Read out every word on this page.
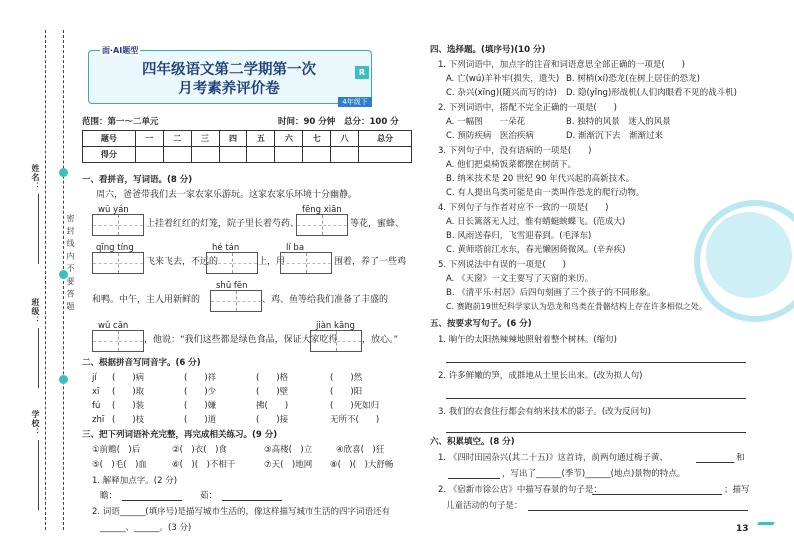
密 封 线 内 不 要 答 题
姓名：
班级：
学校：
面·AI题型
四年级语文第二学期第一次
月考素养评价卷
R
4年级下
范围：第一～二单元	时间：90 分钟 总分：100 分
题号	一	二	三	四	五	六	七	八	总分
得分									
一、看拼音，写词语。(8 分)
周六，爸爸带我们去一家农家乐游玩。这家农家乐环境十分幽静。
wū yán
上挂着红红的灯笼，院子里长着芍药、
fēng xiān
等花，蜜蜂、
qīng tíng
飞来飞去，不远的
hé tán
上，用
lí ba
围着，养了一些鸡
和鸭。中午，主人用新鲜的
shū fēn
、鸡、鱼等给我们准备了丰盛的
wǔ cān
，他说：“我们这些都是绿色食品，保证大家吃得
jiàn kāng
，放心。”
二、根据拼音写同音字。(6 分)
jí (　　)病	(　　)祥	(　　)格	(　　)然
xī (　　)取	(　　)少	(　　)壁	(　　)阳
fú (　　)装	(　　)嫌	拂(　　)	(　　)死如归
zhī (　　)枝	(　　)道	(　　)接	无所不(　　)
三、把下列词语补充完整，再完成相关练习。(9 分)
①前赡(　)后	②(　)衣(　)食	③高楼(　)立	④欣喜(　)狂
⑤(　)毛(　)血	⑥(　)(　)不相干	⑦天(　)地网 ⑧(　)(　)大舒畅
1. 解释加点字。(2 分)
瞻：	茹：
2. 词语______(填序号)是描写城市生活的，像这样描写城市生活的四字词语还有
______、______。(3 分)
四、选择题。(填序号)(10 分)
1. 下列词语中，加点字的注音和词语意思全部正确的一项是(　　)
A. 亡(wú)羊补牢(损失，遗失) B. 树梢(xí)恐龙(在树上居住的恐龙)
C. 杂兴(xīng)(随兴而写的诗) D. 隐(yǐng)形战机(人们肉眼看不见的战斗机)
2. 下列词语中，搭配不完全正确的一项是(　　)
A. 一幅图　　一朵花	B. 独特的风景　迷人的风景
C. 预防疾病　医治疾病	D. 渐渐沉下去　渐渐过来
3. 下列句子中，没有语病的一项是(　　)
A. 他们把桌椅饭菜都摆在树荫下。
B. 纳米技术是 20 世纪 90 年代兴起的高新技术。
C. 有人提出鸟类可能是由一类叫作恐龙的爬行动物。
4. 下列句子与作者对应不一致的一项是(　　)
A. 日长篱落无人过，惟有蜻蜓蛱蝶飞。(范成大)
B. 风雨送春归，飞雪迎春到。(毛泽东)
C. 黄师塔前江水东，春光懒困倚微风。(辛弃疾)
5. 下列说法中有误的一项是(　　)
A. 《天窗》一文主要写了天窗的来历。
B. 《清平乐·村居》后四句刻画了三个孩子的不同形象。
C. 赛跑前19世纪科学家认为恐龙和鸟类在骨骼结构上存在许多相似之处。
五、按要求写句子。(6 分)
1. 晌午的太阳热辣辣地照射着整个树林。(缩句)
2. 许多鲜嫩的笋，成群地从土里长出来。(改为拟人句)
3. 我们的衣食住行都会有纳米技术的影子。(改为反问句)
六、积累填空。(8 分)
1. 《四时田园杂兴(其二十五)》这首诗，前两句通过梅子黄、	和
，写出了______(季节)______(地点)景物的特点。
2. 《宿新市徐公店》中描写春景的句子是：	；描写
儿童活动的句子是：
13
